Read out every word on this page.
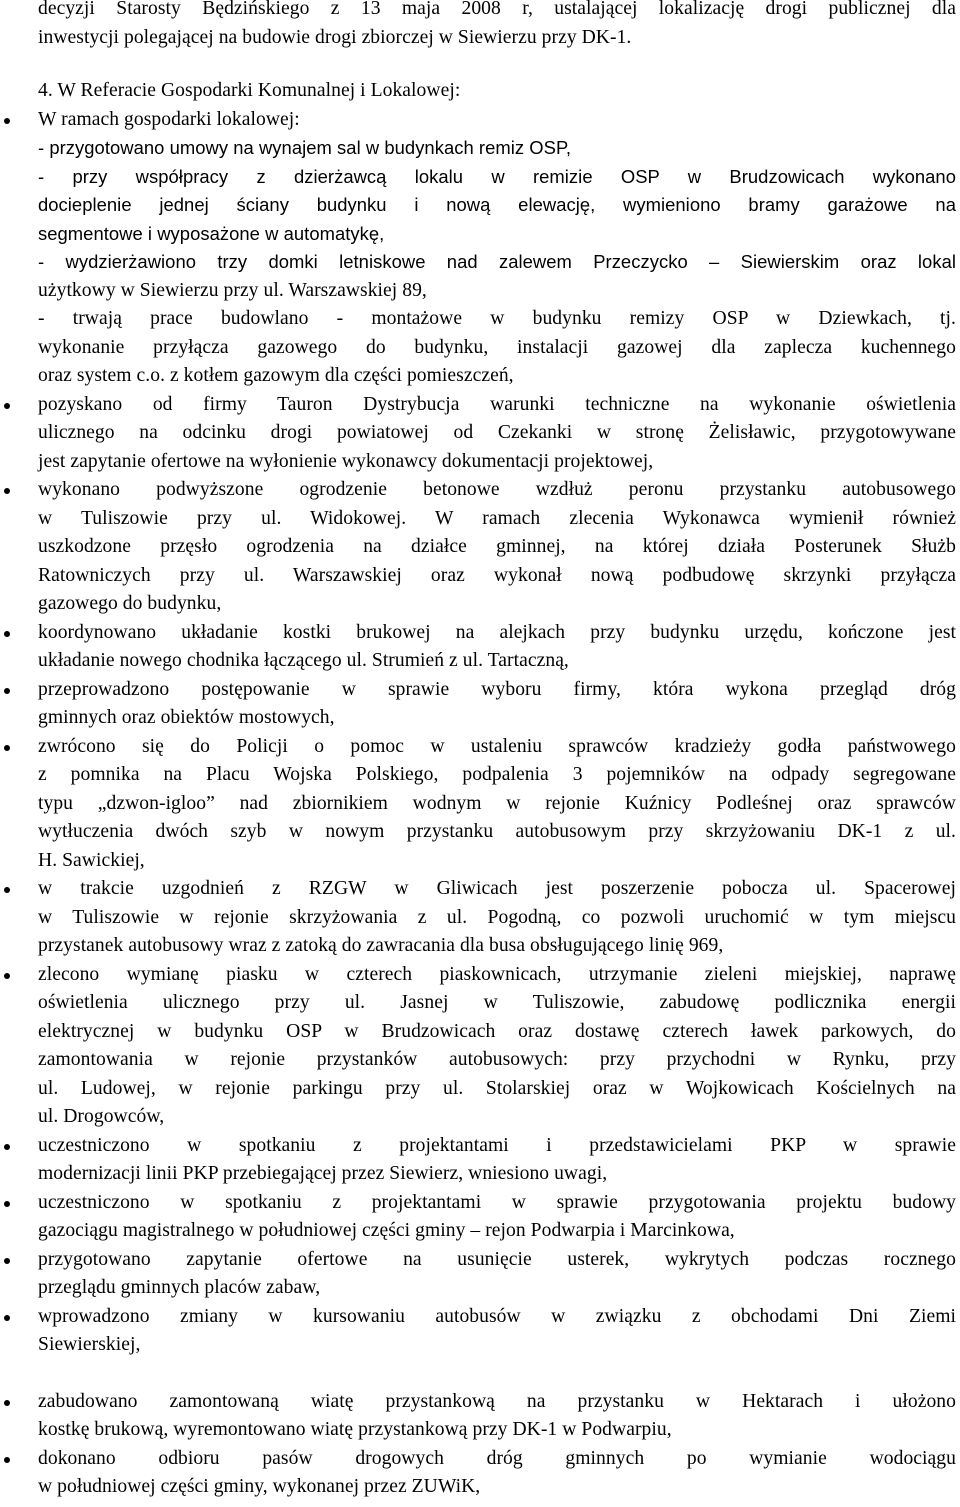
decyzji Starosty Będzińskiego z 13 maja 2008 r, ustalającej lokalizację drogi publicznej dla
inwestycji polegającej na budowie drogi zbiorczej w Siewierzu przy DK-1.
4. W Referacie Gospodarki Komunalnej i Lokalowej:
W ramach gospodarki lokalowej:
- przygotowano umowy na wynajem sal w budynkach remiz OSP,
- przy współpracy z dzierżawcą lokalu w remizie OSP w Brudzowicach wykonano
docieplenie jednej ściany budynku i nową elewację, wymieniono bramy garażowe na
segmentowe i wyposażone w automatykę,
- wydzierżawiono trzy domki letniskowe nad zalewem Przeczycko – Siewierskim oraz lokal
użytkowy w Siewierzu przy ul. Warszawskiej 89,
- trwają prace budowlano - montażowe w budynku remizy OSP w Dziewkach, tj.
wykonanie przyłącza gazowego do budynku, instalacji gazowej dla zaplecza kuchennego
oraz system c.o. z kotłem gazowym dla części pomieszczeń,
pozyskano od firmy Tauron Dystrybucja warunki techniczne na wykonanie oświetlenia
ulicznego na odcinku drogi powiatowej od Czekanki w stronę Żelisławic, przygotowywane
jest zapytanie ofertowe na wyłonienie wykonawcy dokumentacji projektowej,
wykonano podwyższone ogrodzenie betonowe wzdłuż peronu przystanku autobusowego
w Tuliszowie przy ul. Widokowej. W ramach zlecenia Wykonawca wymienił również
uszkodzone przęsło ogrodzenia na działce gminnej, na której działa Posterunek Służb
Ratowniczych przy ul. Warszawskiej oraz wykonał nową podbudowę skrzynki przyłącza
gazowego do budynku,
koordynowano układanie kostki brukowej na alejkach przy budynku urzędu, kończone jest
układanie nowego chodnika łączącego ul. Strumień z ul. Tartaczną,
przeprowadzono postępowanie w sprawie wyboru firmy, która wykona przegląd dróg
gminnych oraz obiektów mostowych,
zwrócono się do Policji o pomoc w ustaleniu sprawców kradzieży godła państwowego
z pomnika na Placu Wojska Polskiego, podpalenia 3 pojemników na odpady segregowane
typu „dzwon-igloo” nad zbiornikiem wodnym w rejonie Kuźnicy Podleśnej oraz sprawców
wytłuczenia dwóch szyb w nowym przystanku autobusowym przy skrzyżowaniu DK-1 z ul.
H. Sawickiej,
w trakcie uzgodnień z RZGW w Gliwicach jest poszerzenie pobocza ul. Spacerowej
w Tuliszowie w rejonie skrzyżowania z ul. Pogodną, co pozwoli uruchomić w tym miejscu
przystanek autobusowy wraz z zatoką do zawracania dla busa obsługującego linię 969,
zlecono wymianę piasku w czterech piaskownicach, utrzymanie zieleni miejskiej, naprawę
oświetlenia ulicznego przy ul. Jasnej w Tuliszowie, zabudowę podlicznika energii
elektrycznej w budynku OSP w Brudzowicach oraz dostawę czterech ławek parkowych, do
zamontowania w rejonie przystanków autobusowych: przy przychodni w Rynku, przy
ul. Ludowej, w rejonie parkingu przy ul. Stolarskiej oraz w Wojkowicach Kościelnych na
ul. Drogowców,
uczestniczono w spotkaniu z projektantami i przedstawicielami PKP w sprawie
modernizacji linii PKP przebiegającej przez Siewierz, wniesiono uwagi,
uczestniczono w spotkaniu z projektantami w sprawie przygotowania projektu budowy
gazociągu magistralnego w południowej części gminy – rejon Podwarpia i Marcinkowa,
przygotowano zapytanie ofertowe na usunięcie usterek, wykrytych podczas rocznego
przeglądu gminnych placów zabaw,
wprowadzono zmiany w kursowaniu autobusów w związku z obchodami Dni Ziemi
Siewierskiej,
zabudowano zamontowaną wiatę przystankową na przystanku w Hektarach i ułożono
kostkę brukową, wyremontowano wiatę przystankową przy DK-1 w Podwarpiu,
dokonano odbioru pasów drogowych dróg gminnych po wymianie wodociągu
w południowej części gminy, wykonanej przez ZUWiK,
